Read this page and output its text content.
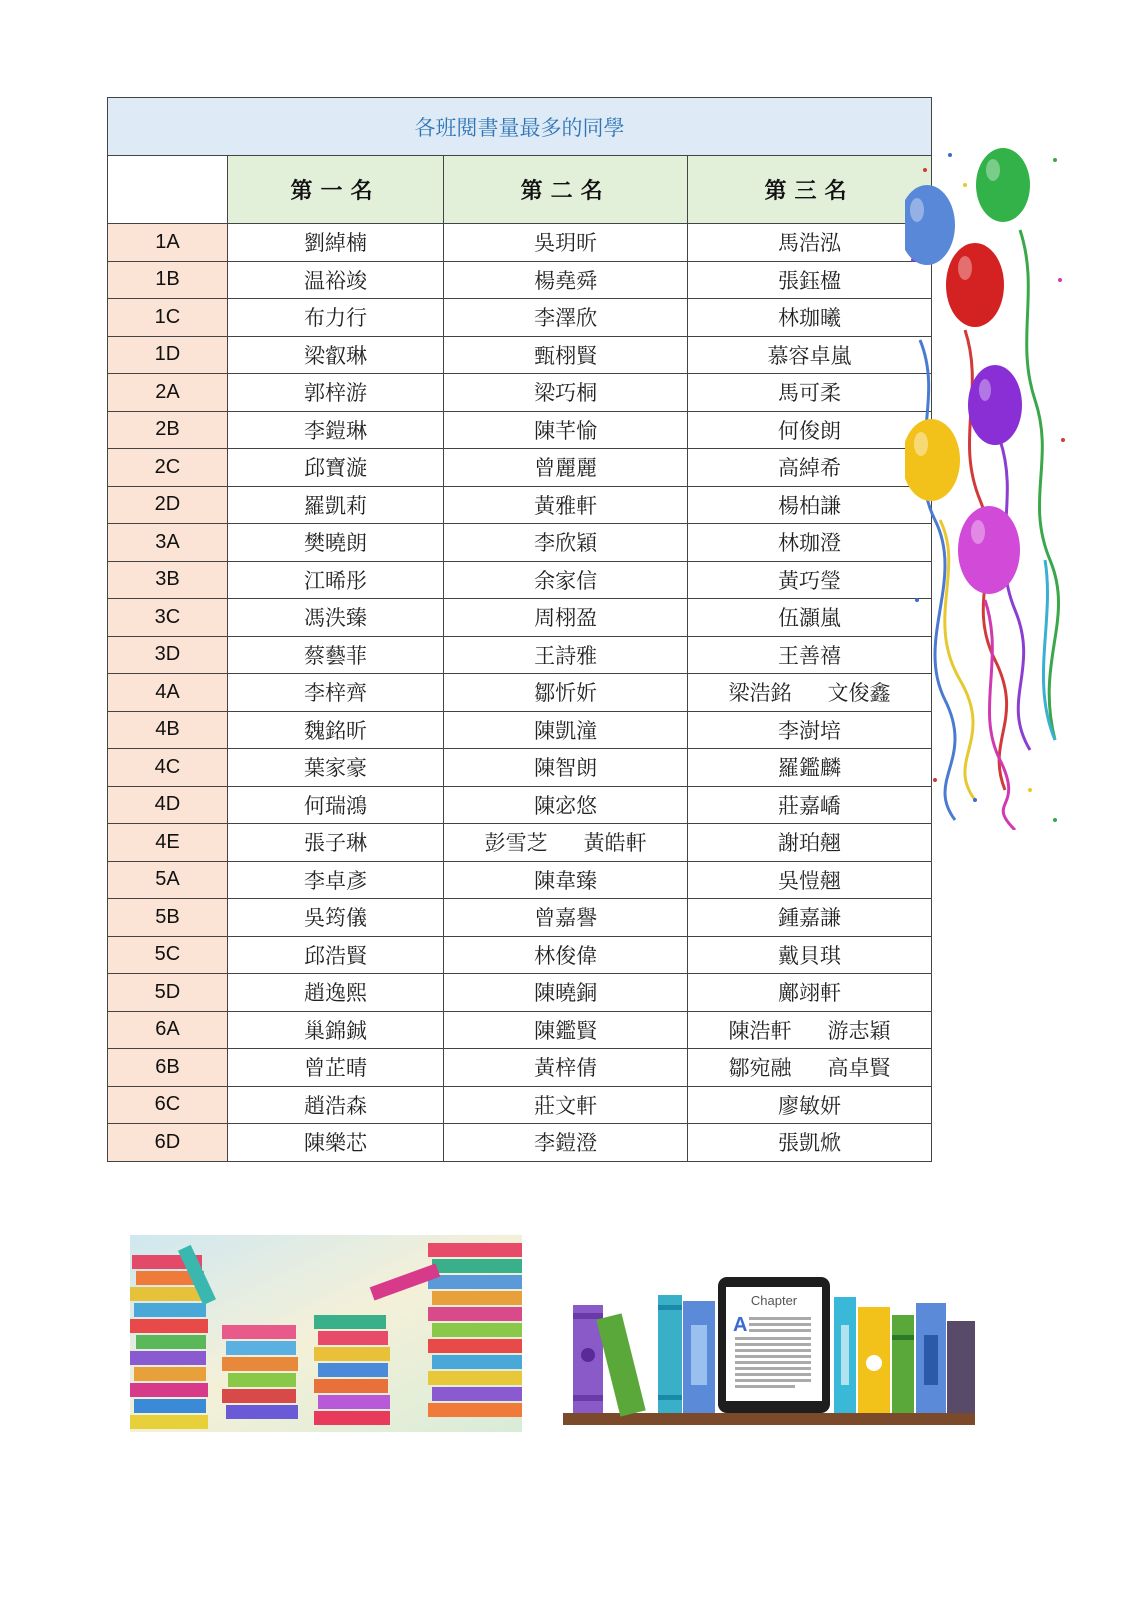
各班閱書量最多的同學			
	第一名	第二名	第三名
1A	劉綽楠	吳玥昕	馬浩泓
1B	温裕竣	楊堯舜	張鈺楹
1C	布力行	李澤欣	林珈曦
1D	梁叡琳	甄栩賢	慕容卓嵐
2A	郭梓游	梁巧桐	馬可柔
2B	李鎧琳	陳芊愉	何俊朗
2C	邱寶漩	曾麗麗	高綽希
2D	羅凱莉	黃雅軒	楊柏謙
3A	樊曉朗	李欣穎	林珈澄
3B	江晞彤	余家信	黃巧瑩
3C	馮泆臻	周栩盈	伍灝嵐
3D	蔡藝菲	王詩雅	王善禧
4A	李梓齊	鄒忻妡	梁浩銘 文俊鑫
4B	魏銘昕	陳凱潼	李澍培
4C	葉家豪	陳智朗	羅鑑麟
4D	何瑞鴻	陳宓悠	莊嘉嶠
4E	張子琳	彭雪芝 黃皓軒	謝珀翹
5A	李卓彥	陳韋臻	吳愷翹
5B	吳筠儀	曾嘉譽	鍾嘉謙
5C	邱浩賢	林俊偉	戴貝琪
5D	趙逸熙	陳曉銅	鄺翊軒
6A	巢錦鋮	陳鑑賢	陳浩軒 游志穎
6B	曾芷晴	黃梓倩	鄒宛融 高卓賢
6C	趙浩森	莊文軒	廖敏妍
6D	陳樂芯	李鎧澄	張凱焮
Chapter
A
